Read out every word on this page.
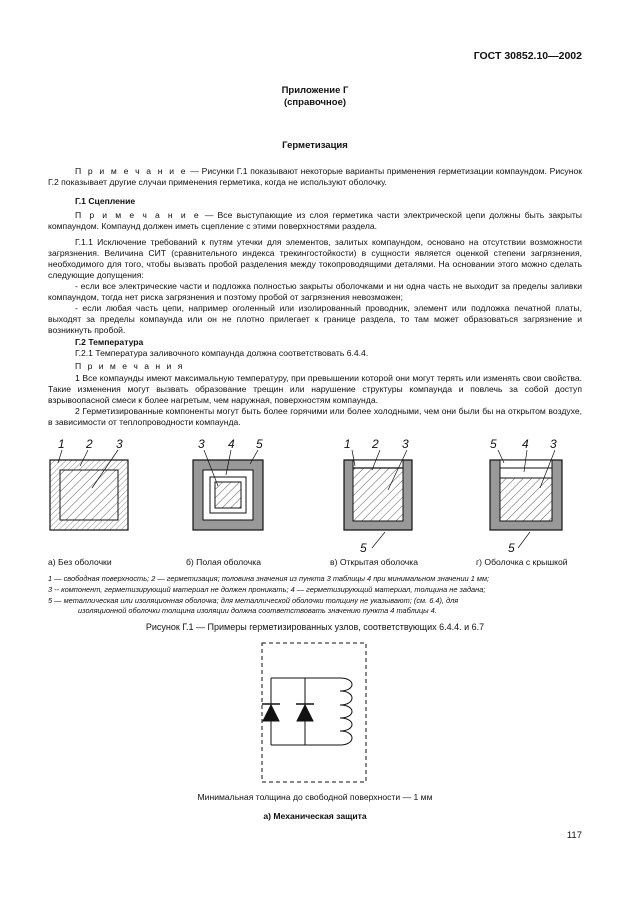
ГОСТ 30852.10—2002
Приложение Г
(справочное)
Герметизация
П р и м е ч а н и е — Рисунки Г.1 показывают некоторые варианты применения герметизации компаундом. Рисунок Г.2 показывает другие случаи применения герметика, когда не используют оболочку.
Г.1 Сцепление
П р и м е ч а н и е — Все выступающие из слоя герметика части электрической цепи должны быть закрыты компаундом. Компаунд должен иметь сцепление с этими поверхностями раздела.
Г.1.1 Исключение требований к путям утечки для элементов, залитых компаундом, основано на отсутствии возможности загрязнения. Величина СИТ (сравнительного индекса трекингостойкости) в сущности является оценкой степени загрязнения, необходимого для того, чтобы вызвать пробой разделения между токопроводящими деталями. На основании этого можно сделать следующие допущения:
- если все электрические части и подложка полностью закрыты оболочками и ни одна часть не выходит за пределы заливки компаундом, тогда нет риска загрязнения и поэтому пробой от загрязнения невозможен;
- если любая часть цепи, например оголенный или изолированный проводник, элемент или подложка печатной платы, выходят за пределы компаунда или он не плотно прилегает к границе раздела, то там может образоваться загрязнение и возникнуть пробой.
Г.2 Температура
Г.2.1 Температура заливочного компаунда должна соответствовать 6.4.4.
П р и м е ч а н и я
1 Все компаунды имеют максимальную температуру, при превышении которой они могут терять или изменять свои свойства. Такие изменения могут вызвать образование трещин или нарушение структуры компаунда и повлечь за собой доступ взрывоопасной смеси к более нагретым, чем наружная, поверхностям компаунда.
2 Герметизированные компоненты могут быть более горячими или более холодными, чем они были бы на открытом воздухе, в зависимости от теплопроводности компаунда.
1 2 3	3 4 5	1 2 3
5
5 4 3
5
а) Без оболочки	б) Полая оболочка	в) Открытая оболочка	г) Оболочка с крышкой
1 — свободная поверхность; 2 — герметизация; половина значения из пункта 3 таблицы 4 при минимальном значении 1 мм;
3 -- компонент, герметизирующий материал не должен проникать; 4 — герметизирующий материал, толщина не задана;
5 — металлическая или изоляционная оболочка; для металлической оболочки толщину не указывают; (см. 6.4), для
изоляционной оболочки толщина изоляции должна соответствовать значению пункта 4 таблицы 4.
Рисунок Г.1 — Примеры герметизированных узлов, соответствующих 6.4.4. и 6.7
Минимальная толщина до свободной поверхности — 1 мм
а) Механическая защита
117
